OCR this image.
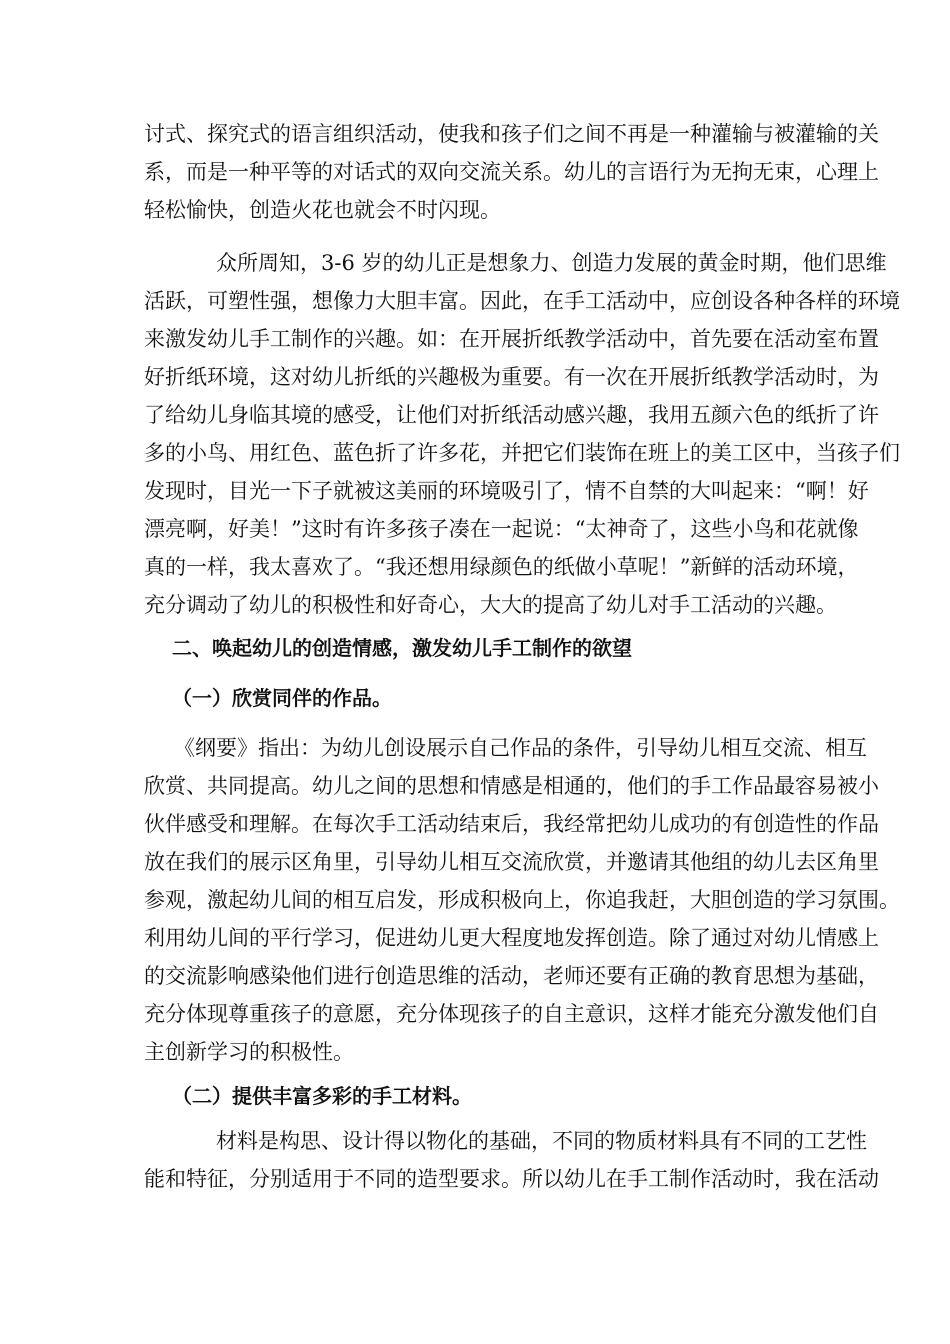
讨式、探究式的语言组织活动，使我和孩子们之间不再是一种灌输与被灌输的关
系，而是一种平等的对话式的双向交流关系。幼儿的言语行为无拘无束，心理上
轻松愉快，创造火花也就会不时闪现。
众所周知，3-6 岁的幼儿正是想象力、创造力发展的黄金时期，他们思维
活跃，可塑性强，想像力大胆丰富。因此，在手工活动中，应创设各种各样的环境
来激发幼儿手工制作的兴趣。如：在开展折纸教学活动中，首先要在活动室布置
好折纸环境，这对幼儿折纸的兴趣极为重要。有一次在开展折纸教学活动时，为
了给幼儿身临其境的感受，让他们对折纸活动感兴趣，我用五颜六色的纸折了许
多的小鸟、用红色、蓝色折了许多花，并把它们装饰在班上的美工区中，当孩子们
发现时，目光一下子就被这美丽的环境吸引了，情不自禁的大叫起来：“啊！好
漂亮啊，好美！”这时有许多孩子凑在一起说：“太神奇了，这些小鸟和花就像
真的一样，我太喜欢了。“我还想用绿颜色的纸做小草呢！”新鲜的活动环境，
充分调动了幼儿的积极性和好奇心，大大的提高了幼儿对手工活动的兴趣。
二、唤起幼儿的创造情感，激发幼儿手工制作的欲望
（一）欣赏同伴的作品。
《纲要》指出：为幼儿创设展示自己作品的条件，引导幼儿相互交流、相互
欣赏、共同提高。幼儿之间的思想和情感是相通的，他们的手工作品最容易被小
伙伴感受和理解。在每次手工活动结束后，我经常把幼儿成功的有创造性的作品
放在我们的展示区角里，引导幼儿相互交流欣赏，并邀请其他组的幼儿去区角里
参观，激起幼儿间的相互启发，形成积极向上，你追我赶，大胆创造的学习氛围。
利用幼儿间的平行学习，促进幼儿更大程度地发挥创造。除了通过对幼儿情感上
的交流影响感染他们进行创造思维的活动，老师还要有正确的教育思想为基础，
充分体现尊重孩子的意愿，充分体现孩子的自主意识，这样才能充分激发他们自
主创新学习的积极性。
（二）提供丰富多彩的手工材料。
材料是构思、设计得以物化的基础，不同的物质材料具有不同的工艺性
能和特征，分别适用于不同的造型要求。所以幼儿在手工制作活动时，我在活动
